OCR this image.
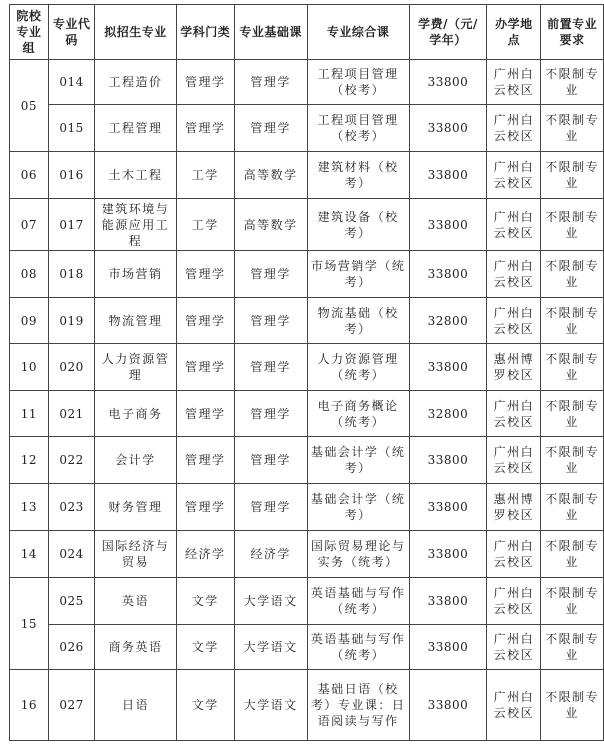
院校专业组	专业代码	拟招生专业	学科门类	专业基础课	专业综合课	学费/（元/学年）	办学地点	前置专业要求
05	014	工程造价	管理学	管理学	工程项目管理（校考）	33800	广州白云校区	不限制专业
	015	工程管理	管理学	管理学	工程项目管理（校考）	33800	广州白云校区	不限制专业
06	016	土木工程	工学	高等数学	建筑材料（校考）	33800	广州白云校区	不限制专业
07	017	建筑环境与能源应用工程	工学	高等数学	建筑设备（校考）	33800	广州白云校区	不限制专业
08	018	市场营销	管理学	管理学	市场营销学（统考）	33800	广州白云校区	不限制专业
09	019	物流管理	管理学	管理学	物流基础（校考）	32800	广州白云校区	不限制专业
10	020	人力资源管理	管理学	管理学	人力资源管理（统考）	33800	惠州博罗校区	不限制专业
11	021	电子商务	管理学	管理学	电子商务概论（统考）	32800	广州白云校区	不限制专业
12	022	会计学	管理学	管理学	基础会计学（统考）	33800	广州白云校区	不限制专业
13	023	财务管理	管理学	管理学	基础会计学（统考）	33800	惠州博罗校区	不限制专业
14	024	国际经济与贸易	经济学	经济学	国际贸易理论与实务（统考）	33800	广州白云校区	不限制专业
15	025	英语	文学	大学语文	英语基础与写作（统考）	33800	广州白云校区	不限制专业
	026	商务英语	文学	大学语文	英语基础与写作（统考）	33800	广州白云校区	不限制专业
16	027	日语	文学	大学语文	基础日语（校考）专业课：日语阅读与写作	33800	广州白云校区	不限制专业
